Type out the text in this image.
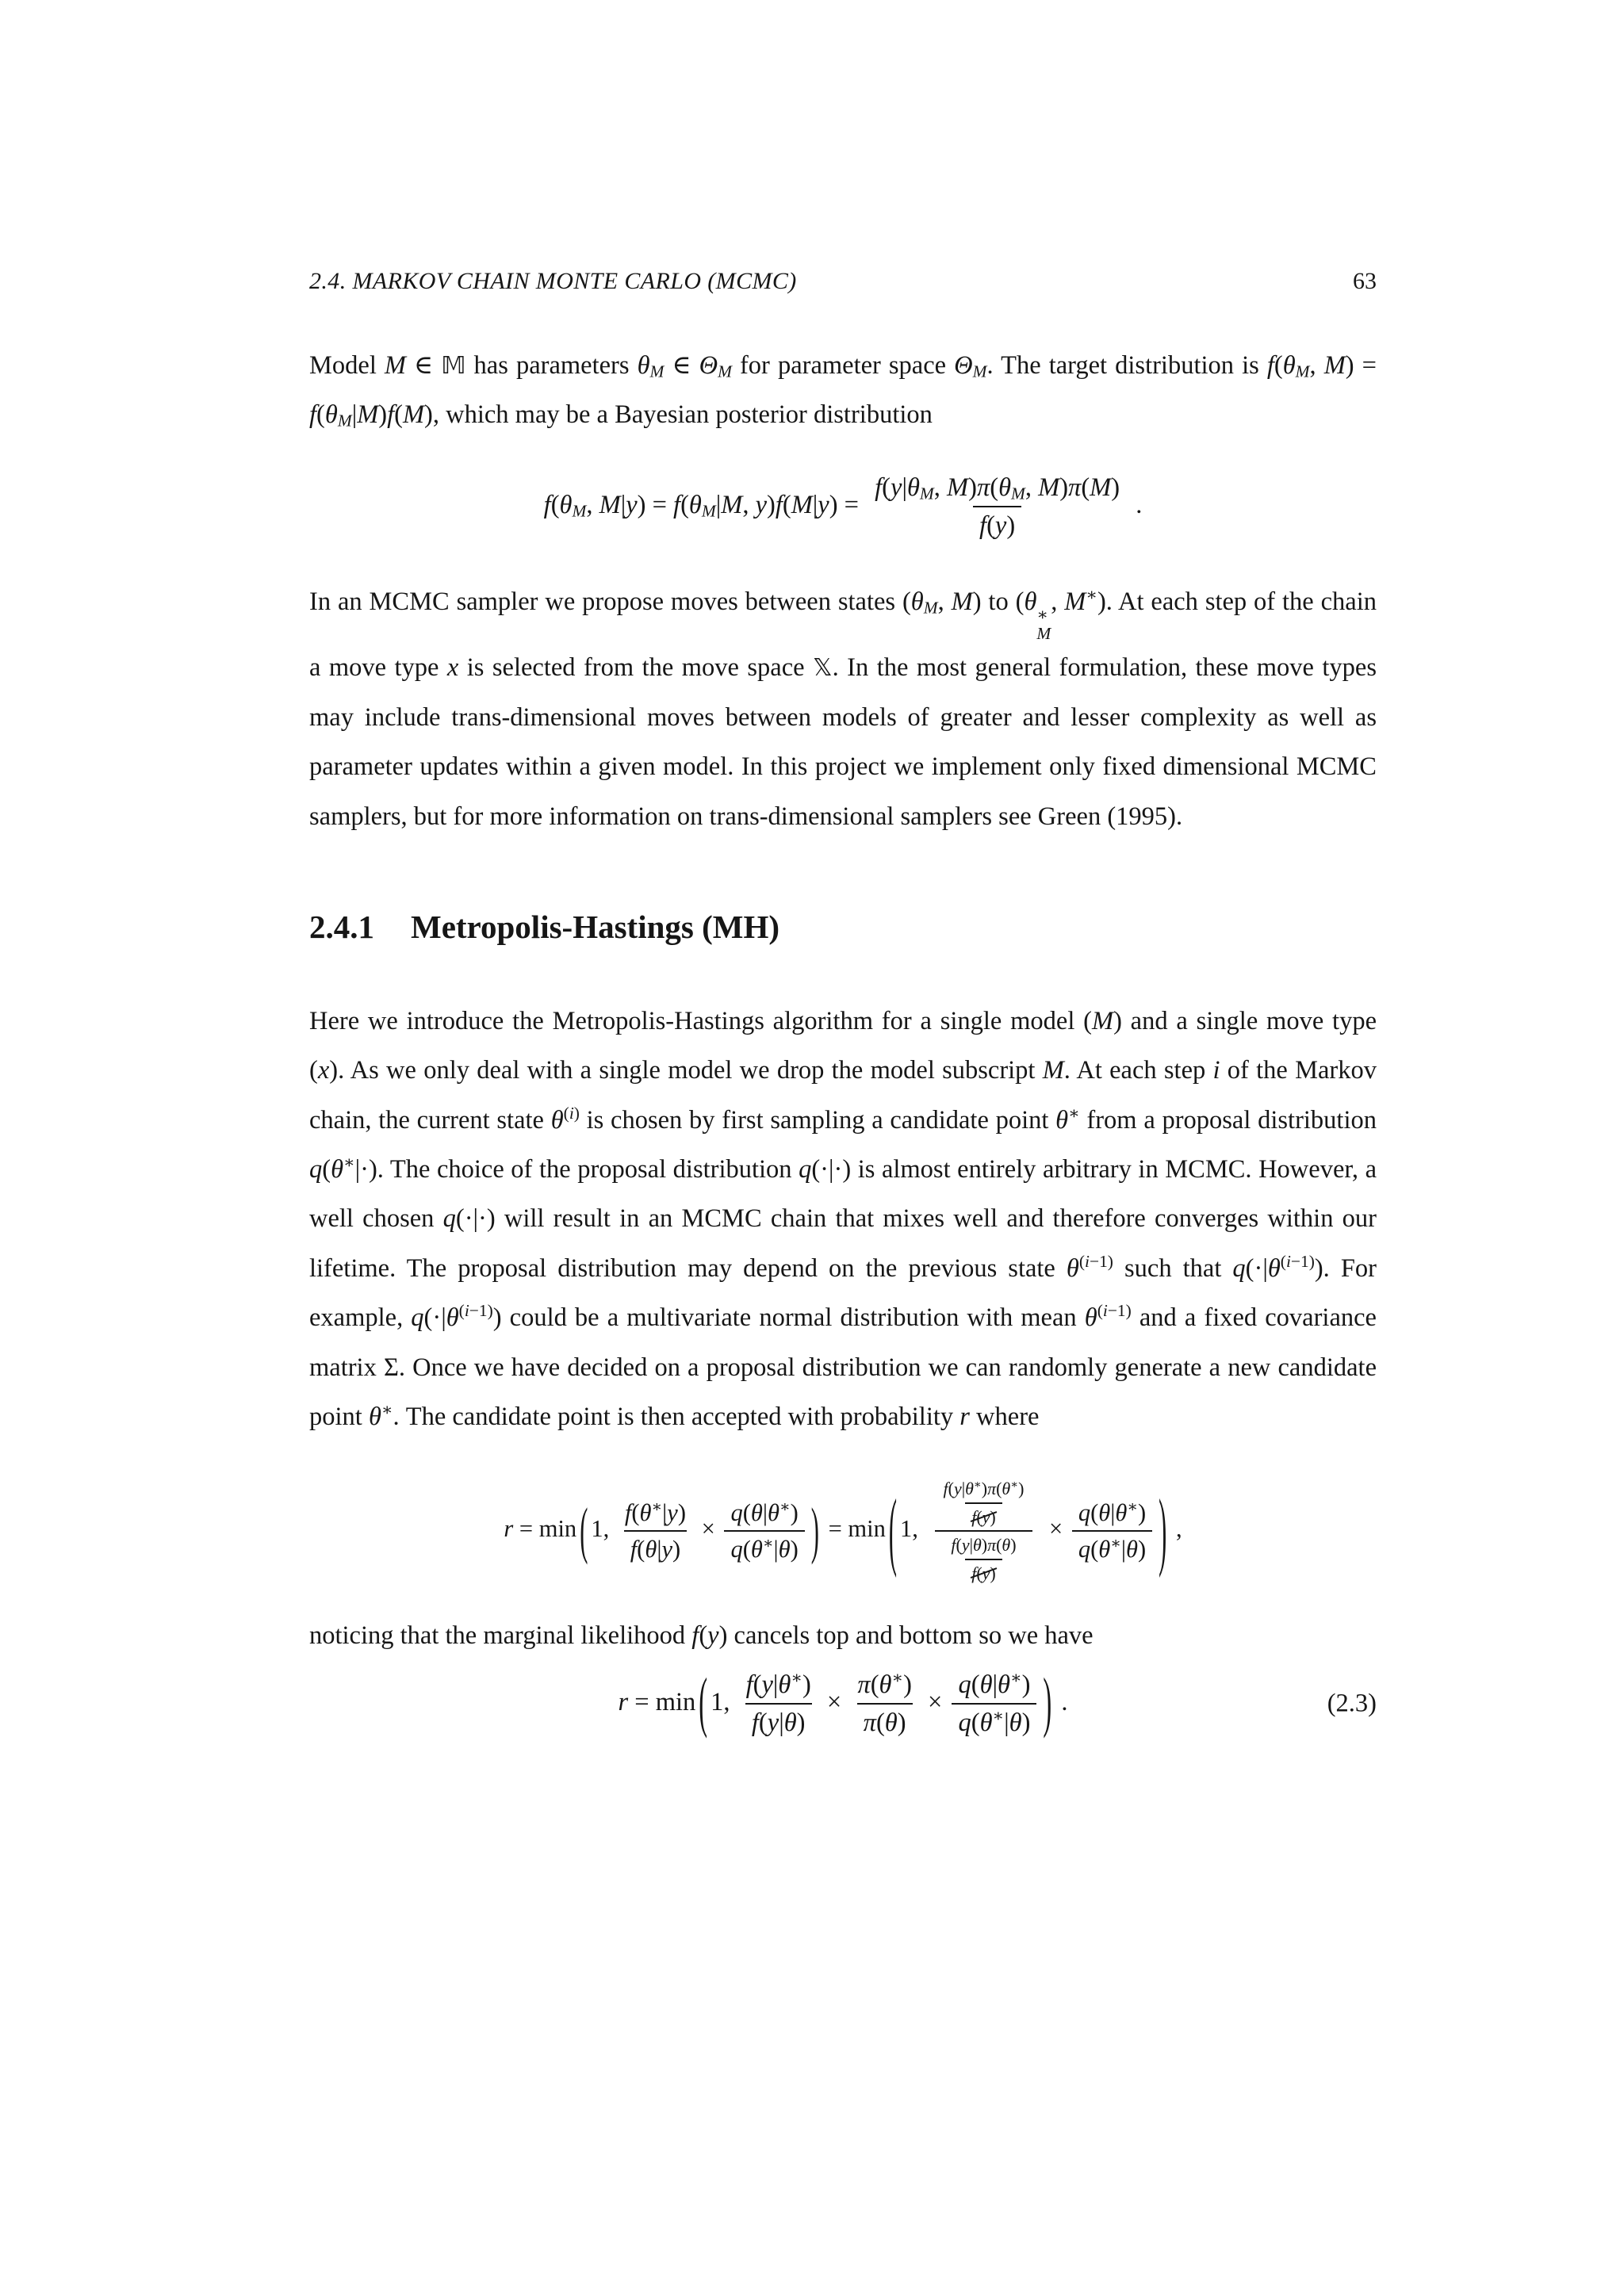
2.4. MARKOV CHAIN MONTE CARLO (MCMC)	63

Model M ∈ 𝕄 has parameters θM ∈ ΘM for parameter space ΘM. The target distribution is f(θM, M) = f(θM|M)f(M), which may be a Bayesian posterior distribution

f(θM, M|y) = f(θM|M, $y)f(M|y) = \frac{f(y|\theta M, M)\pi(\theta M, M)\pi(M)}{f(y)}$ .

In an MCMC sampler we propose moves between states (θM, M) to (θ ∗
M
, M∗). At each step of the chain a move type x is selected from the move space 𝕏. In the most general formulation, these move types may include trans-dimensional moves between models of greater and lesser complexity as well as parameter updates within a given model. In this project we implement only fixed dimensional MCMC samplers, but for more information on trans-dimensional samplers see Green (1995).

2.4.1 Metropolis-Hastings (MH)

Here we introduce the Metropolis-Hastings algorithm for a single model (M) and a single move type (x). As we only deal with a single model we drop the model subscript M. At each step i of the Markov chain, the current state $\theta^{(i)}$ is chosen by first sampling a candidate point θ∗ from a proposal distribution q(θ∗|·). The choice of the proposal distribution q(·|·) is almost entirely arbitrary in MCMC. However, a well chosen q(·|·) will result in an MCMC chain that mixes well and therefore converges within our lifetime. The proposal distribution may depend on the previous state $\theta^{(i-1)}$ such that $q(\cdot|\theta^{(i-1)})$. For example, $q(\cdot|\theta^{(i-1)})$ could be a multivariate normal distribution with mean $\theta^{(i-1)}$ and a fixed covariance matrix Σ. Once we have decided on a proposal distribution we can randomly generate a new candidate point θ∗. The candidate point is then accepted with probability r where

r = min ( 1, $\frac{f(\theta^∗|y)}{f(\theta|y)} \times \frac{q(\theta|\theta^∗)}{q(\theta^∗|\theta)}$ ) = min ( 1, $\frac{\frac{f(y|\theta^∗)\pi(\theta^∗)}{f(y)}}{\frac{f(y|\theta)\pi(\theta)}{f(y)}} \times \frac{q(\theta|\theta^∗)}{q(\theta^∗|\theta)}$ ) ,

noticing that the marginal likelihood f(y) cancels top and bottom so we have

r = min ( 1, $\frac{f(y|\theta^∗)}{f(y|\theta)} \times \frac{\pi(\theta^∗)}{\pi(\theta)} \times \frac{q(\theta|\theta^∗)}{q(\theta^∗|\theta)}$ ) .	(2.3)
